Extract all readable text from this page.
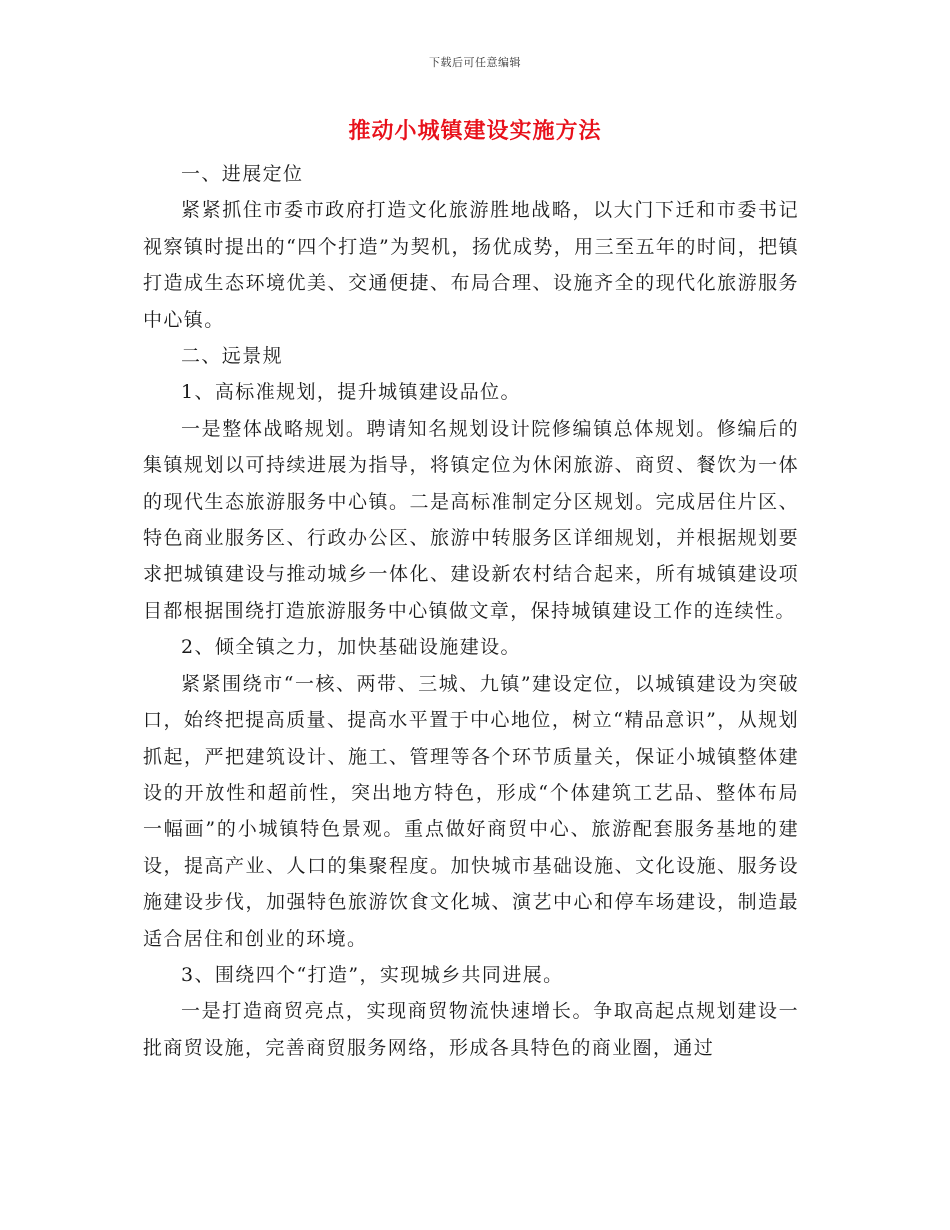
下载后可任意编辑
推动小城镇建设实施方法

一、进展定位

紧紧抓住市委市政府打造文化旅游胜地战略，以大门下迁和市委书记视察镇时提出的“四个打造”为契机，扬优成势，用三至五年的时间，把镇打造成生态环境优美、交通便捷、布局合理、设施齐全的现代化旅游服务中心镇。

二、远景规

1、高标准规划，提升城镇建设品位。

一是整体战略规划。聘请知名规划设计院修编镇总体规划。修编后的集镇规划以可持续进展为指导，将镇定位为休闲旅游、商贸、餐饮为一体的现代生态旅游服务中心镇。二是高标准制定分区规划。完成居住片区、特色商业服务区、行政办公区、旅游中转服务区详细规划，并根据规划要求把城镇建设与推动城乡一体化、建设新农村结合起来，所有城镇建设项目都根据围绕打造旅游服务中心镇做文章，保持城镇建设工作的连续性。

2、倾全镇之力，加快基础设施建设。

紧紧围绕市“一核、两带、三城、九镇”建设定位，以城镇建设为突破口，始终把提高质量、提高水平置于中心地位，树立“精品意识”，从规划抓起，严把建筑设计、施工、管理等各个环节质量关，保证小城镇整体建设的开放性和超前性，突出地方特色，形成“个体建筑工艺品、整体布局一幅画”的小城镇特色景观。重点做好商贸中心、旅游配套服务基地的建设，提高产业、人口的集聚程度。加快城市基础设施、文化设施、服务设施建设步伐，加强特色旅游饮食文化城、演艺中心和停车场建设，制造最适合居住和创业的环境。

3、围绕四个“打造”，实现城乡共同进展。

一是打造商贸亮点，实现商贸物流快速增长。争取高起点规划建设一批商贸设施，完善商贸服务网络，形成各具特色的商业圈，通过
